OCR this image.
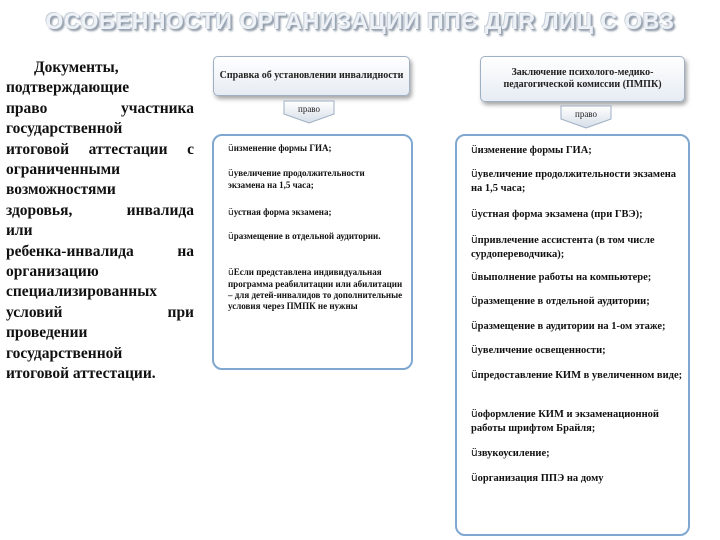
ОСОБЕННОСТИ ОРГАНИЗАЦИИ ППЄ ДЛR ЛИЦ С ОВЗ
Документы,
подтверждающие
право участника
государственной
итоговой аттестации с
ограниченными
возможностями
здоровья, инвалида
или
ребенка-инвалида на
организацию
специализированных
условий при
проведении
государственной
итоговой аттестации.
Справка об установлении инвалидности
право
üизменение формы ГИА;
üувеличение продолжительности экзамена на 1,5 часа;
üустная форма экзамена;
üразмещение в отдельной аудитории.
üЕсли представлена индивидуальная программа реабилитации или абилитации – для детей-инвалидов то дополнительные условия через ПМПК не нужны
Заключение психолого-медико-педагогической комиссии (ПМПК)
право
üизменение формы ГИА;
üувеличение продолжительности экзамена на 1,5 часа;
üустная форма экзамена (при ГВЭ);
üпривлечение ассистента (в том числе сурдопереводчика);
üвыполнение работы на компьютере;
üразмещение в отдельной аудитории;
üразмещение в аудитории на 1-ом этаже;
üувеличение освещенности;
üпредоставление КИМ в увеличенном виде;
üоформление КИМ и экзаменационной работы шрифтом Брайля;
üзвукоусиление;
üорганизация ППЭ на дому
